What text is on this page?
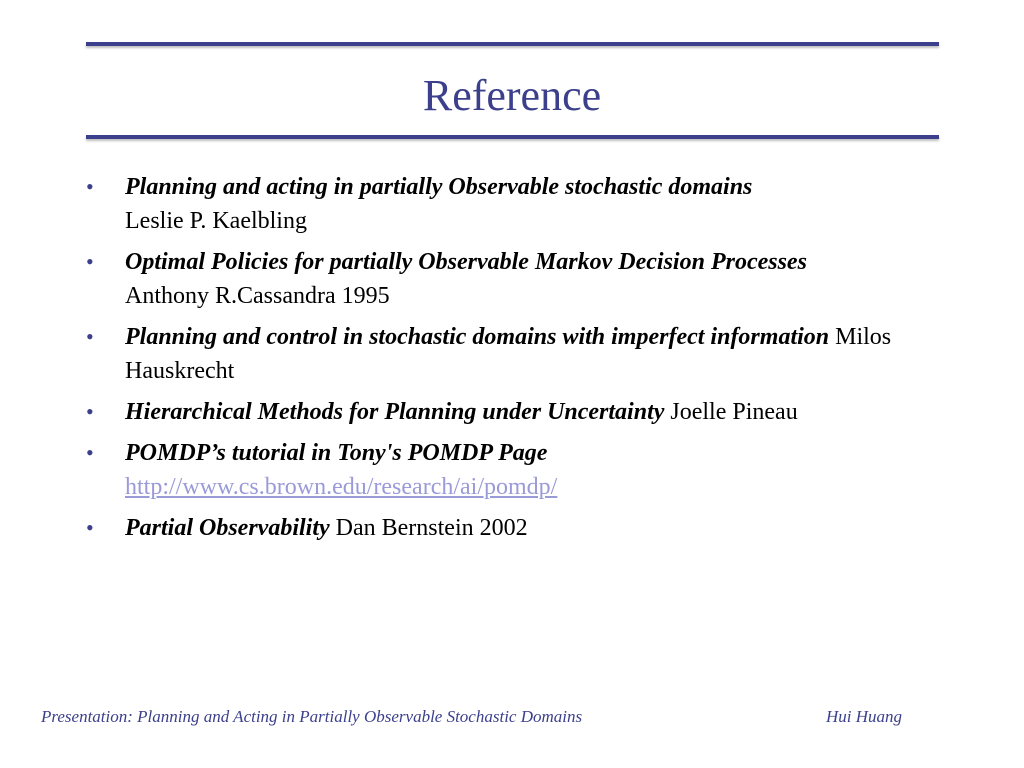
Reference
•	Planning and acting in partially Observable stochastic domains
Leslie P. Kaelbling
•	Optimal Policies for partially Observable Markov Decision Processes
Anthony R.Cassandra 1995
•	Planning and control in stochastic domains with imperfect information Milos Hauskrecht
•	Hierarchical Methods for Planning under Uncertainty Joelle Pineau
•	POMDP’s tutorial in Tony's POMDP Page
http://www.cs.brown.edu/research/ai/pomdp/
•	Partial Observability Dan Bernstein 2002
Presentation: Planning and Acting in Partially Observable Stochastic Domains	Hui Huang
